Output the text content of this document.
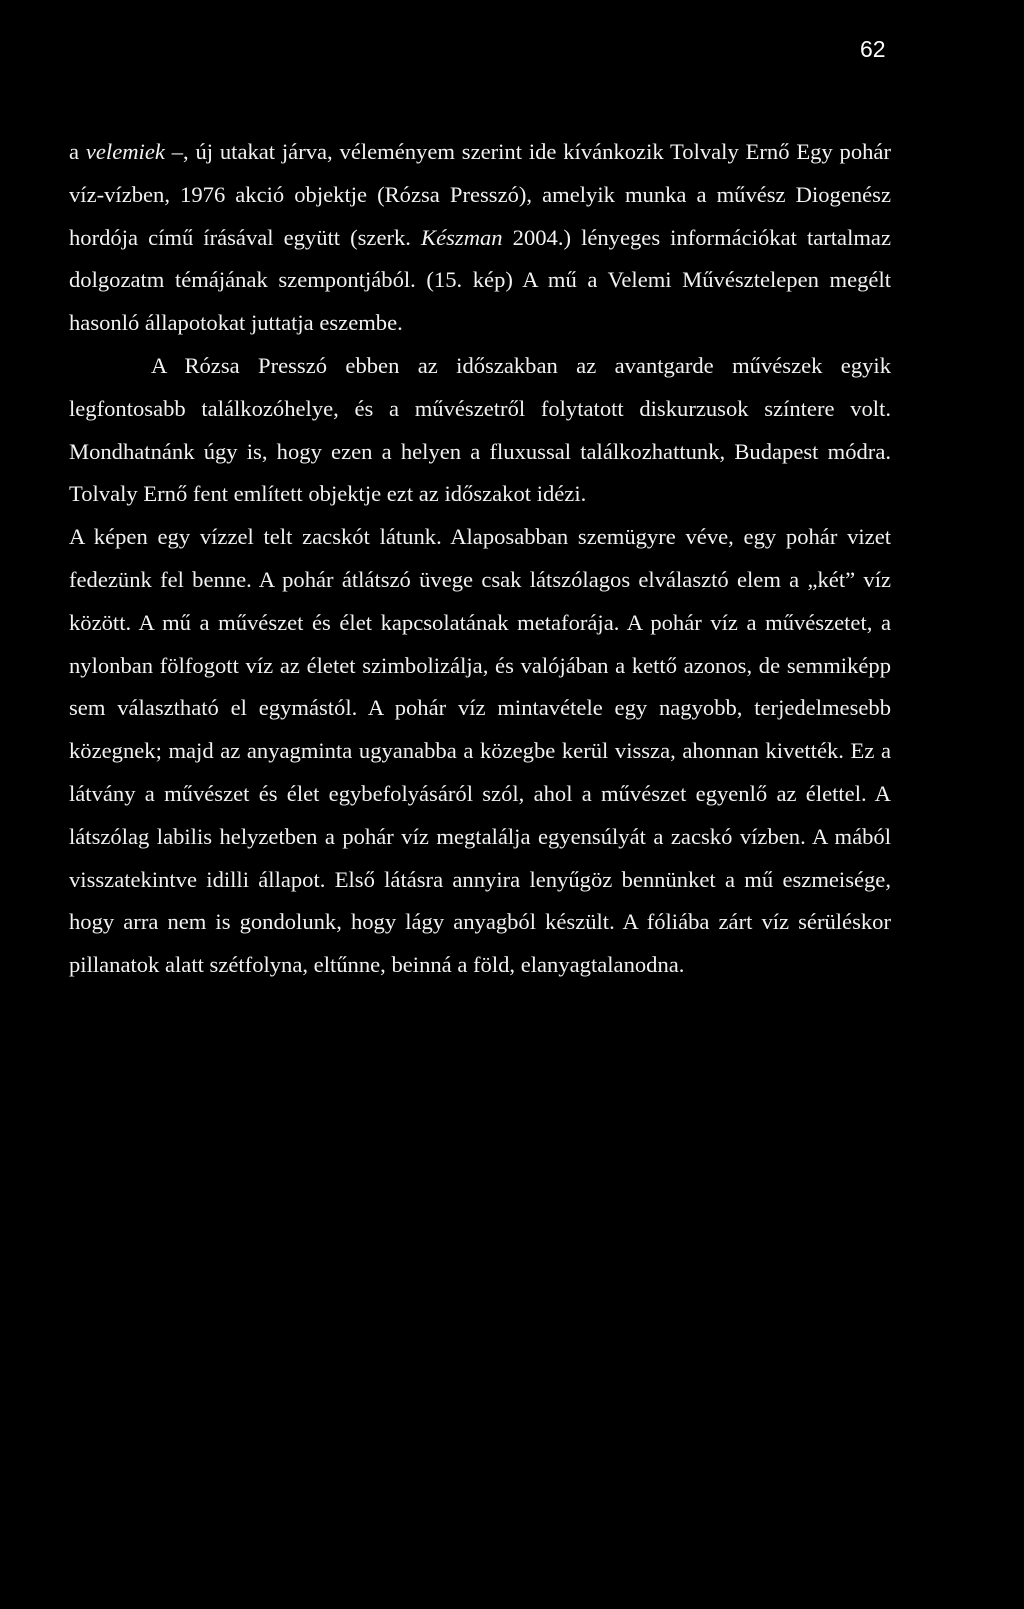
62

a velemiek –, új utakat járva, véleményem szerint ide kívánkozik Tolvaly Ernő Egy pohár víz-vízben, 1976 akció objektje (Rózsa Presszó), amelyik munka a művész Diogenész hordója című írásával együtt (szerk. Készman 2004.) lényeges információkat tartalmaz dolgozatm témájának szempontjából. (15. kép) A mű a Velemi Művésztelepen megélt hasonló állapotokat juttatja eszembe.

A Rózsa Presszó ebben az időszakban az avantgarde művészek egyik legfontosabb találkozóhelye, és a művészetről folytatott diskurzusok színtere volt. Mondhatnánk úgy is, hogy ezen a helyen a fluxussal találkozhattunk, Budapest módra. Tolvaly Ernő fent említett objektje ezt az időszakot idézi.

A képen egy vízzel telt zacskót látunk. Alaposabban szemügyre véve, egy pohár vizet fedezünk fel benne. A pohár átlátszó üvege csak látszólagos elválasztó elem a „két” víz között. A mű a művészet és élet kapcsolatának metaforája. A pohár víz a művészetet, a nylonban fölfogott víz az életet szimbolizálja, és valójában a kettő azonos, de semmiképp sem választható el egymástól. A pohár víz mintavétele egy nagyobb, terjedelmesebb közegnek; majd az anyagminta ugyanabba a közegbe kerül vissza, ahonnan kivették. Ez a látvány a művészet és élet egybefolyásáról szól, ahol a művészet egyenlő az élettel. A látszólag labilis helyzetben a pohár víz megtalálja egyensúlyát a zacskó vízben. A mából visszatekintve idilli állapot. Első látásra annyira lenyűgöz bennünket a mű eszmeisége, hogy arra nem is gondolunk, hogy lágy anyagból készült. A fóliába zárt víz sérüléskor pillanatok alatt szétfolyna, eltűnne, beinná a föld, elanyagtalanodna.
